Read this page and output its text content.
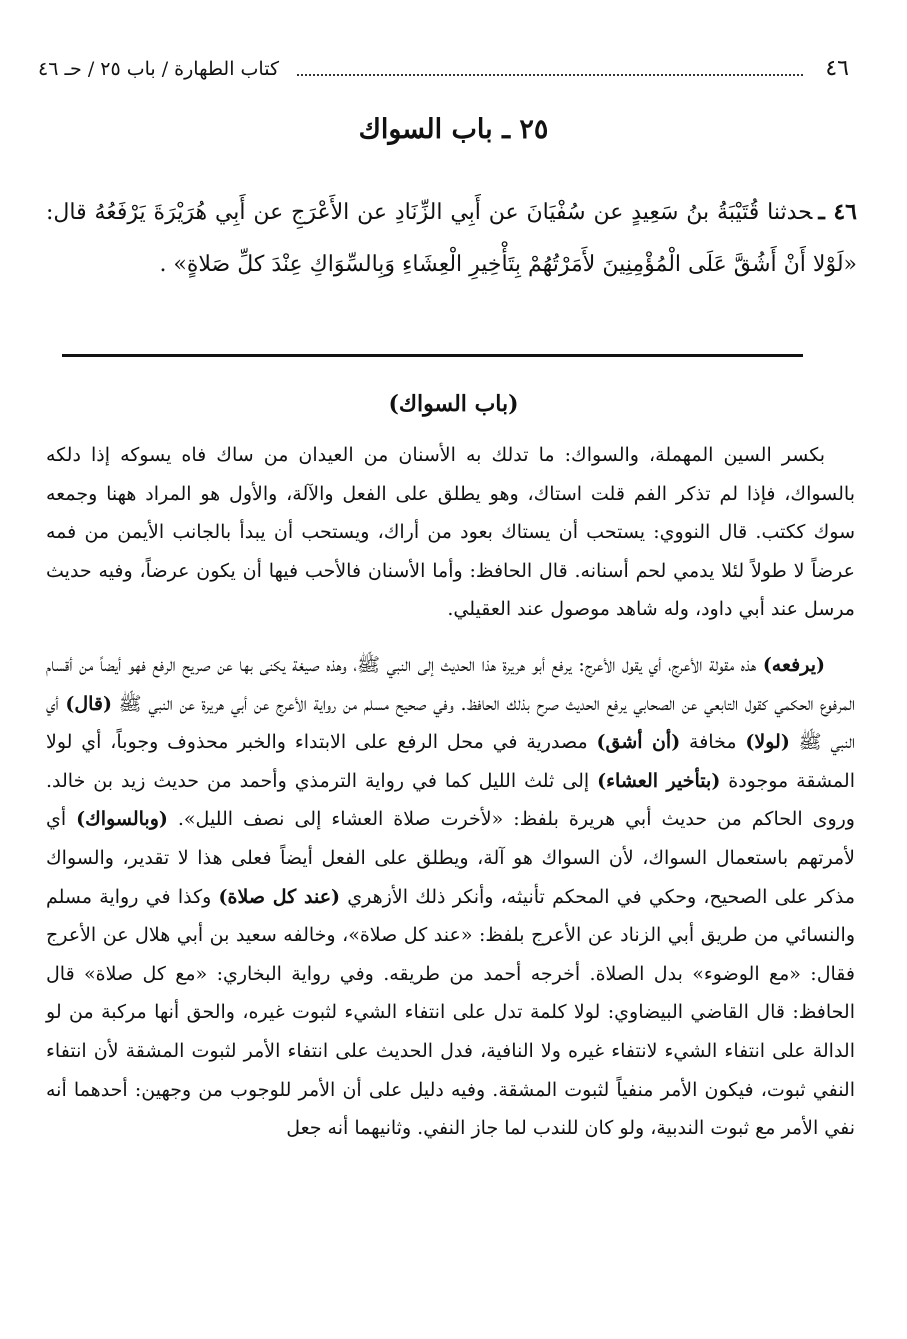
٤٦
كتاب الطهارة / باب ٢٥ / حـ ٤٦
٢٥ ـ باب السواك
٤٦ ـحدثنا قُتَيْبَةُ بنُ سَعِيدٍ عن سُفْيَانَ عن أَبِي الزِّنَادِ عن الأَعْرَجِ عن أَبِي هُرَيْرَةَ يَرْفَعُهُ قال: «لَوْلا أَنْ أَشُقَّ عَلَى الْمُؤْمِنِينَ لأَمَرْتُهُمْ بِتَأْخِيرِ الْعِشَاءِ وَبِالسِّوَاكِ عِنْدَ كلِّ صَلاةٍ» .
(باب السواك)

بكسر السين المهملة، والسواك: ما تدلك به الأسنان من العيدان من ساك فاه يسوكه إذا دلكه بالسواك، فإذا لم تذكر الفم قلت استاك، وهو يطلق على الفعل والآلة، والأول هو المراد ههنا وجمعه سوك ككتب. قال النووي: يستحب أن يستاك بعود من أراك، ويستحب أن يبدأ بالجانب الأيمن من فمه عرضاً لا طولاً لئلا يدمي لحم أسنانه. قال الحافظ: وأما الأسنان فالأحب فيها أن يكون عرضاً، وفيه حديث مرسل عند أبي داود، وله شاهد موصول عند العقيلي.

(يرفعه) هذه مقولة الأعرج، أي يقول الأعرج: يرفع أبو هريرة هذا الحديث إلى النبي ﷺ، وهذه صيغة يكنى بها عن صريح الرفع فهو أيضاً من أقسام المرفوع الحكمي كقول التابعي عن الصحابي يرفع الحديث صرح بذلك الحافظ. وفي صحيح مسلم من رواية الأعرج عن أبي هريرة عن النبي ﷺ (قال) أي النبي ﷺ (لولا) مخافة (أن أشق) مصدرية في محل الرفع على الابتداء والخبر محذوف وجوباً، أي لولا المشقة موجودة (بتأخير العشاء) إلى ثلث الليل كما في رواية الترمذي وأحمد من حديث زيد بن خالد. وروى الحاكم من حديث أبي هريرة بلفظ: «لأخرت صلاة العشاء إلى نصف الليل». (وبالسواك) أي لأمرتهم باستعمال السواك، لأن السواك هو آلة، ويطلق على الفعل أيضاً فعلى هذا لا تقدير، والسواك مذكر على الصحيح، وحكي في المحكم تأنيثه، وأنكر ذلك الأزهري (عند كل صلاة) وكذا في رواية مسلم والنسائي من طريق أبي الزناد عن الأعرج بلفظ: «عند كل صلاة»، وخالفه سعيد بن أبي هلال عن الأعرج فقال: «مع الوضوء» بدل الصلاة. أخرجه أحمد من طريقه. وفي رواية البخاري: «مع كل صلاة» قال الحافظ: قال القاضي البيضاوي: لولا كلمة تدل على انتفاء الشيء لثبوت غيره، والحق أنها مركبة من لو الدالة على انتفاء الشيء لانتفاء غيره ولا النافية، فدل الحديث على انتفاء الأمر لثبوت المشقة لأن انتفاء النفي ثبوت، فيكون الأمر منفياً لثبوت المشقة. وفيه دليل على أن الأمر للوجوب من وجهين: أحدهما أنه نفي الأمر مع ثبوت الندبية، ولو كان للندب لما جاز النفي. وثانيهما أنه جعل
